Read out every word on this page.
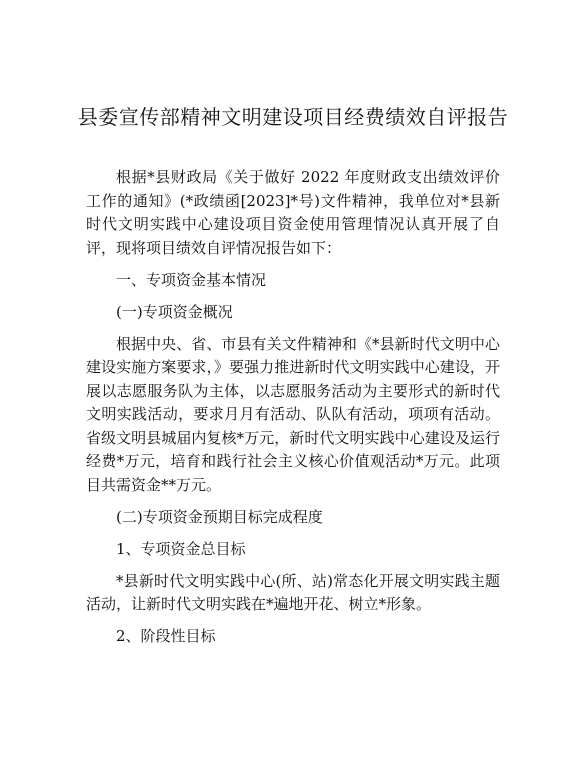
县委宣传部精神文明建设项目经费绩效自评报告

根据*县财政局《关于做好 2022 年度财政支出绩效评价工作的通知》(*政绩函[2023]*号)文件精神，我单位对*县新时代文明实践中心建设项目资金使用管理情况认真开展了自评，现将项目绩效自评情况报告如下：

一、专项资金基本情况

(一)专项资金概况

根据中央、省、市县有关文件精神和《*县新时代文明中心建设实施方案要求，》要强力推进新时代文明实践中心建设，开展以志愿服务队为主体，以志愿服务活动为主要形式的新时代文明实践活动，要求月月有活动、队队有活动，项项有活动。省级文明县城届内复核*万元，新时代文明实践中心建设及运行经费*万元，培育和践行社会主义核心价值观活动*万元。此项目共需资金**万元。

(二)专项资金预期目标完成程度

1、专项资金总目标

*县新时代文明实践中心(所、站)常态化开展文明实践主题活动，让新时代文明实践在*遍地开花、树立*形象。

2、阶段性目标
